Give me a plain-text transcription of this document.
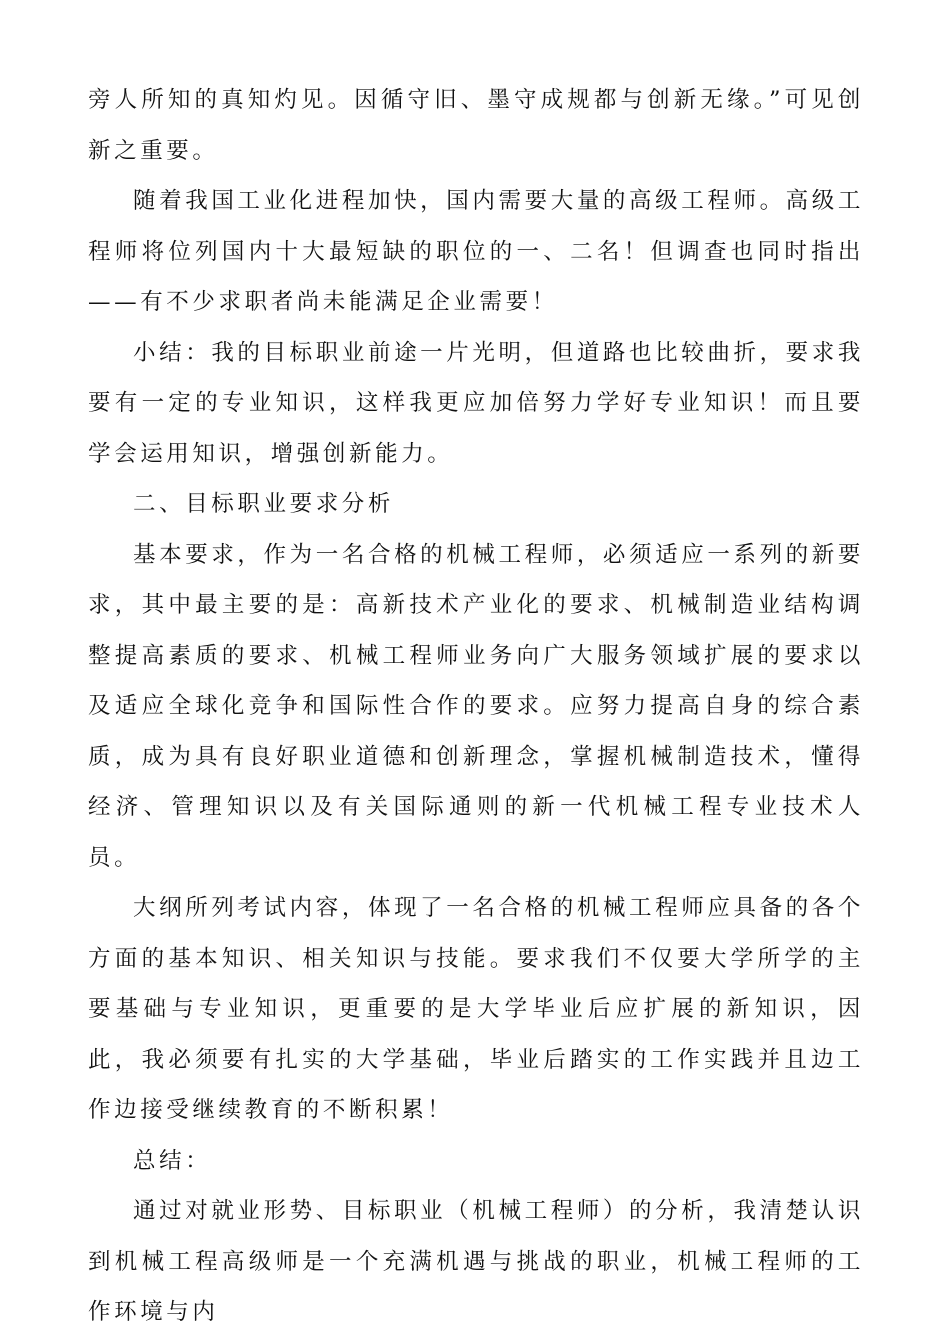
旁人所知的真知灼见。因循守旧、墨守成规都与创新无缘。”可见创新之重要。

随着我国工业化进程加快，国内需要大量的高级工程师。高级工程师将位列国内十大最短缺的职位的一、二名！但调查也同时指出——有不少求职者尚未能满足企业需要！

小结：我的目标职业前途一片光明，但道路也比较曲折，要求我要有一定的专业知识，这样我更应加倍努力学好专业知识！而且要学会运用知识，增强创新能力。

二、目标职业要求分析

基本要求，作为一名合格的机械工程师，必须适应一系列的新要求，其中最主要的是：高新技术产业化的要求、机械制造业结构调整提高素质的要求、机械工程师业务向广大服务领域扩展的要求以及适应全球化竞争和国际性合作的要求。应努力提高自身的综合素质，成为具有良好职业道德和创新理念，掌握机械制造技术，懂得经济、管理知识以及有关国际通则的新一代机械工程专业技术人员。

大纲所列考试内容，体现了一名合格的机械工程师应具备的各个方面的基本知识、相关知识与技能。要求我们不仅要大学所学的主要基础与专业知识，更重要的是大学毕业后应扩展的新知识，因此，我必须要有扎实的大学基础，毕业后踏实的工作实践并且边工作边接受继续教育的不断积累！

总结：

通过对就业形势、目标职业（机械工程师）的分析，我清楚认识到机械工程高级师是一个充满机遇与挑战的职业，机械工程师的工作环境与内
